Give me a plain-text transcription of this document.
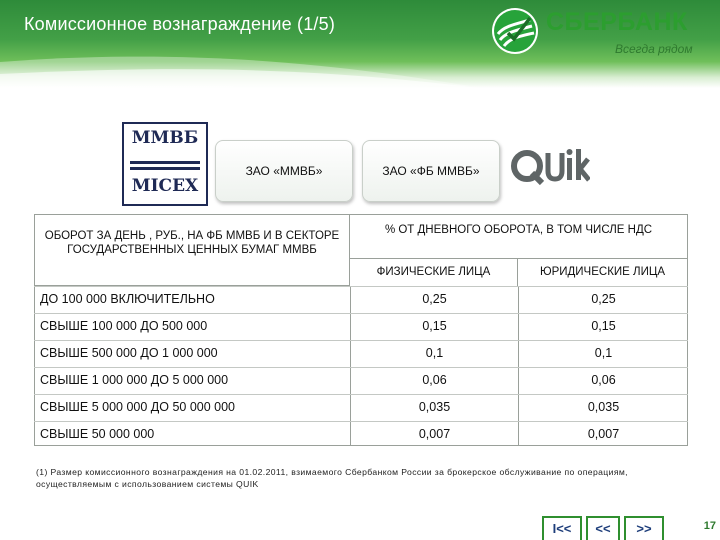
Комиссионное вознаграждение (1/5)	СБЕРБАНК
Всегда рядом
ММВБ
MICEX
ЗАО «ММВБ»	ЗАО «ФБ ММВБ»
ОБОРОТ ЗА ДЕНЬ , РУБ., НА ФБ ММВБ И В СЕКТОРЕ ГОСУДАРСТВЕННЫХ ЦЕННЫХ БУМАГ ММВБ
% ОТ ДНЕВНОГО ОБОРОТА, В ТОМ ЧИСЛЕ НДС
ФИЗИЧЕСКИЕ ЛИЦА	ЮРИДИЧЕСКИЕ ЛИЦА
ДО 100 000 ВКЛЮЧИТЕЛЬНО	0,25	0,25
СВЫШЕ 100 000 ДО 500 000	0,15	0,15
СВЫШЕ 500 000 ДО 1 000 000	0,1	0,1
СВЫШЕ 1 000 000 ДО 5 000 000	0,06	0,06
СВЫШЕ 5 000 000 ДО 50 000 000	0,035	0,035
СВЫШЕ 50 000 000	0,007	0,007
(1) Размер комиссионного вознаграждения на 01.02.2011, взимаемого Сбербанком России за брокерское обслуживание по операциям, осуществляемым с использованием системы QUIK
I<<	<<	>>	17
